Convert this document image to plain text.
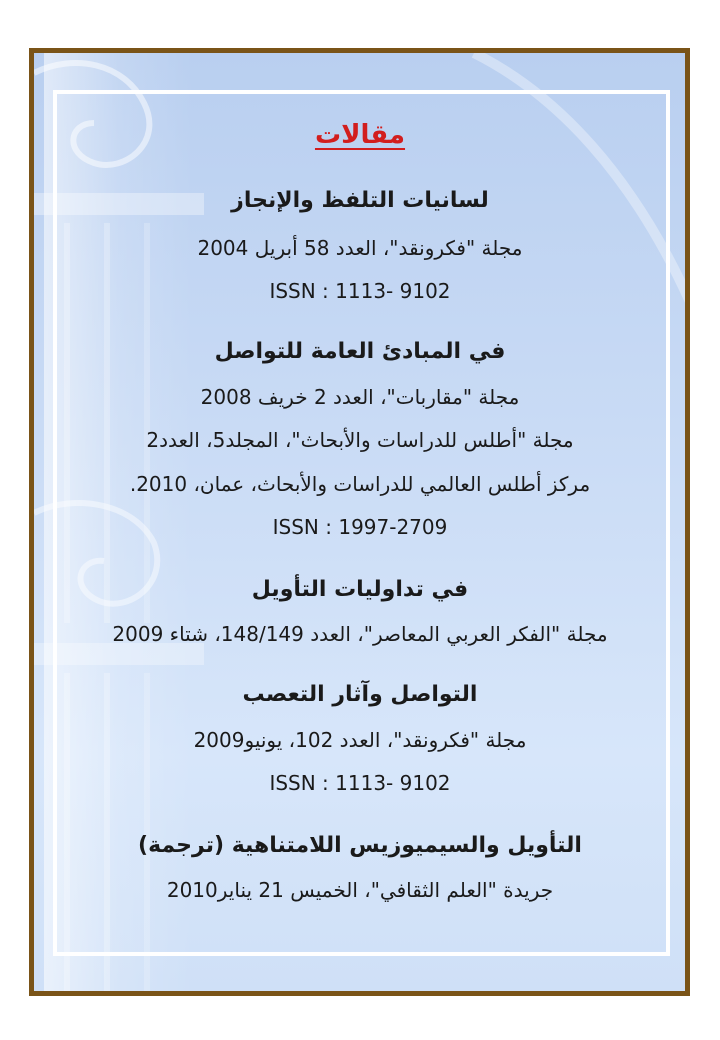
مقالات
لسانيات التلفظ والإنجاز
مجلة "فكرونقد"، العدد 58 أبريل 2004
ISSN : 1113- 9102
في المبادئ العامة للتواصل
مجلة "مقاربات"، العدد 2 خريف 2008
مجلة "أطلس للدراسات والأبحاث"، المجلد5، العدد2
مركز أطلس العالمي للدراسات والأبحاث، عمان، 2010.
ISSN : 1997-2709
في تداوليات التأويل
مجلة "الفكر العربي المعاصر"، العدد 148/149، شتاء 2009
التواصل وآثار التعصب
مجلة "فكرونقد"، العدد 102، يونيو2009
ISSN : 1113- 9102
التأويل والسيميوزيس اللامتناهية (ترجمة)
جريدة "العلم الثقافي"، الخميس 21 يناير2010
